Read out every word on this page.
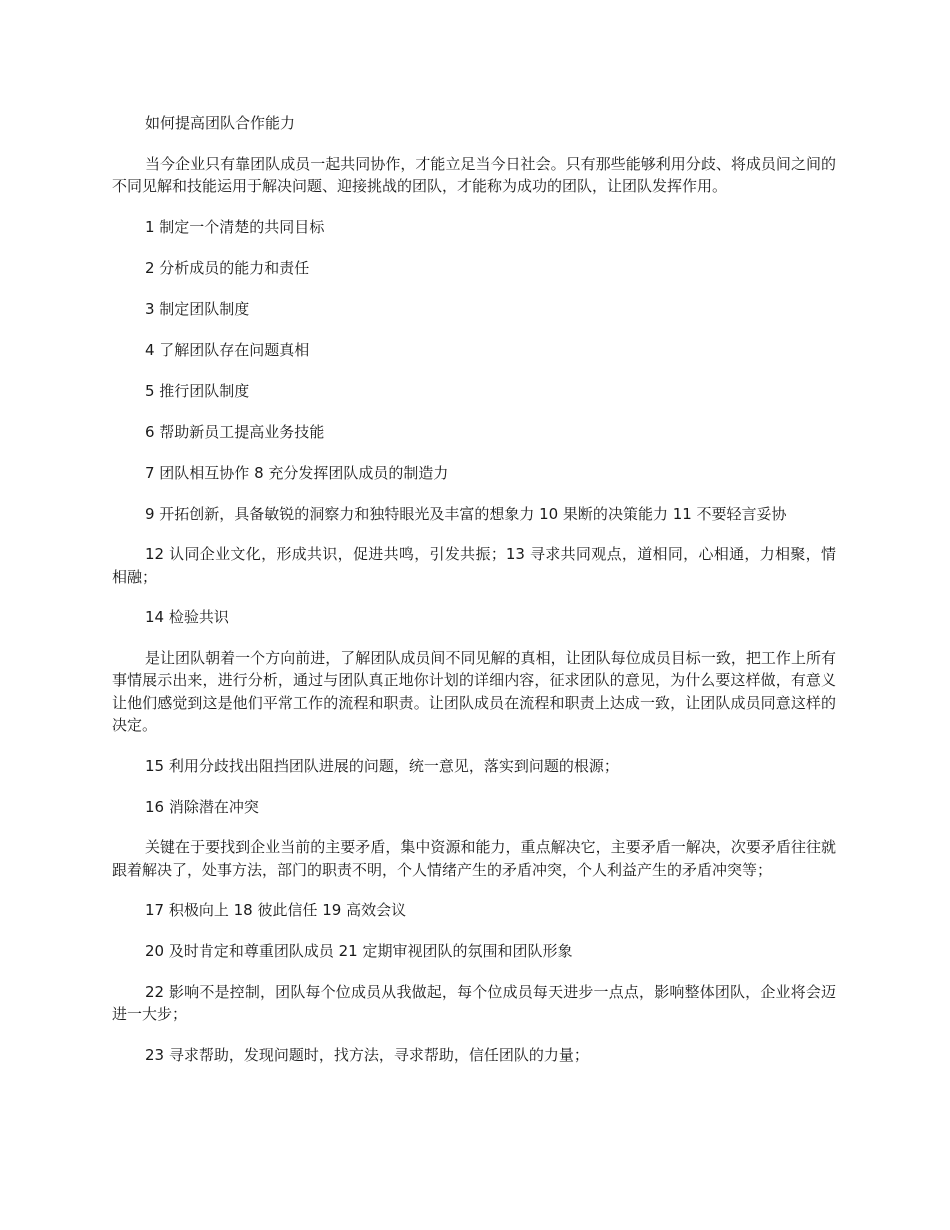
如何提高团队合作能力

当今企业只有靠团队成员一起共同协作，才能立足当今日社会。只有那些能够利用分歧、将成员间之间的不同见解和技能运用于解决问题、迎接挑战的团队，才能称为成功的团队，让团队发挥作用。

1 制定一个清楚的共同目标

2 分析成员的能力和责任

3 制定团队制度

4 了解团队存在问题真相

5 推行团队制度

6 帮助新员工提高业务技能

7 团队相互协作 8 充分发挥团队成员的制造力

9 开拓创新，具备敏锐的洞察力和独特眼光及丰富的想象力 10 果断的决策能力 11 不要轻言妥协

12 认同企业文化，形成共识，促进共鸣，引发共振；13 寻求共同观点，道相同，心相通，力相聚，情相融；

14 检验共识

是让团队朝着一个方向前进，了解团队成员间不同见解的真相，让团队每位成员目标一致，把工作上所有事情展示出来，进行分析，通过与团队真正地你计划的详细内容，征求团队的意见，为什么要这样做，有意义让他们感觉到这是他们平常工作的流程和职责。让团队成员在流程和职责上达成一致，让团队成员同意这样的决定。

15 利用分歧找出阻挡团队进展的问题，统一意见，落实到问题的根源；

16 消除潜在冲突

关键在于要找到企业当前的主要矛盾，集中资源和能力，重点解决它，主要矛盾一解决，次要矛盾往往就跟着解决了，处事方法，部门的职责不明，个人情绪产生的矛盾冲突，个人利益产生的矛盾冲突等；

17 积极向上 18 彼此信任 19 高效会议

20 及时肯定和尊重团队成员 21 定期审视团队的氛围和团队形象

22 影响不是控制，团队每个位成员从我做起，每个位成员每天进步一点点，影响整体团队，企业将会迈进一大步；

23 寻求帮助，发现问题时，找方法，寻求帮助，信任团队的力量；
